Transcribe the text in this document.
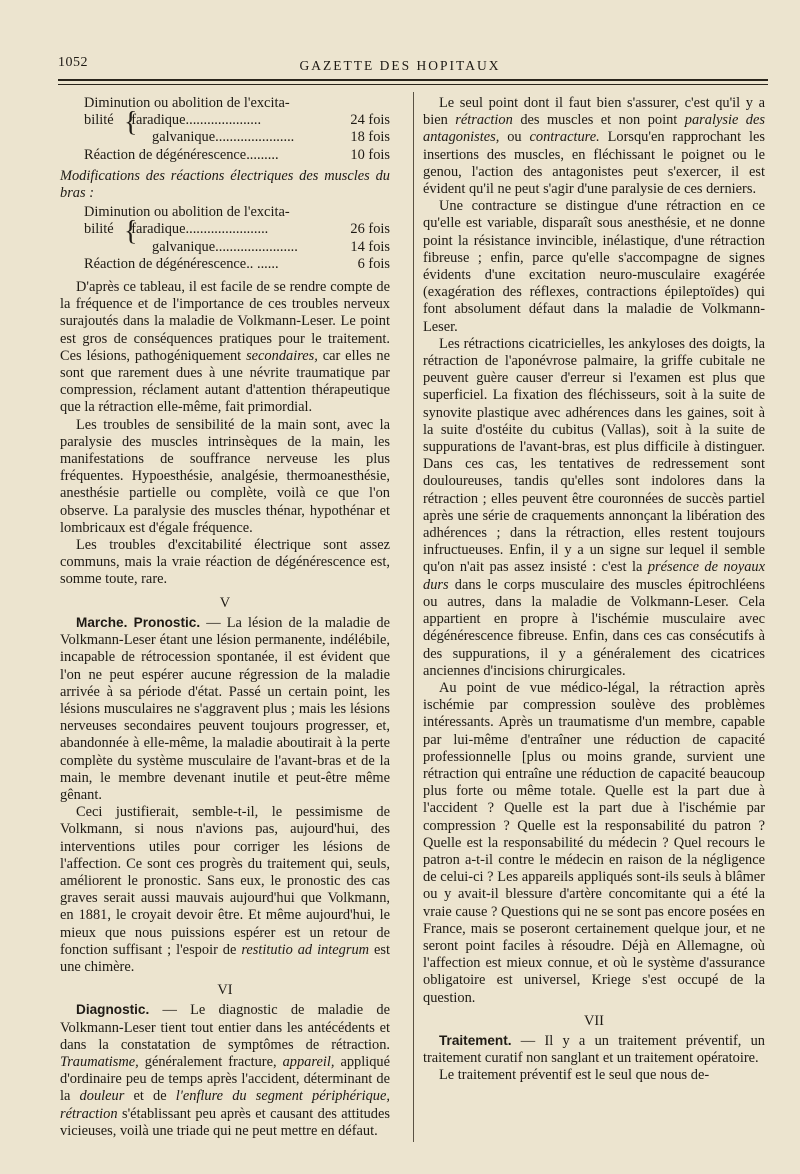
1052	GAZETTE DES HOPITAUX
Diminution ou abolition de l'excita-
bilité {
faradique.....................	24 fois
galvanique......................	18 fois
Réaction de dégénérescence.........	10 fois

Modifications des réactions électriques des muscles du bras :

Diminution ou abolition de l'excita-
bilité {
faradique.......................	26 fois
galvanique.......................	14 fois
Réaction de dégénérescence.. ......	6 fois

D'après ce tableau, il est facile de se rendre compte de la fréquence et de l'importance de ces troubles nerveux surajoutés dans la maladie de Volkmann-Leser. Le point est gros de conséquences pratiques pour le traitement. Ces lésions, pathogéniquement secondaires, car elles ne sont que rarement dues à une névrite traumatique par compression, réclament autant d'attention thérapeutique que la rétraction elle-même, fait primordial.

Les troubles de sensibilité de la main sont, avec la paralysie des muscles intrinsèques de la main, les manifestations de souffrance nerveuse les plus fréquentes. Hypoesthésie, analgésie, thermoanesthésie, anesthésie partielle ou complète, voilà ce que l'on observe. La paralysie des muscles thénar, hypothénar et lombricaux est d'égale fréquence.

Les troubles d'excitabilité électrique sont assez communs, mais la vraie réaction de dégénérescence est, somme toute, rare.

V

Marche. Pronostic. — La lésion de la maladie de Volkmann-Leser étant une lésion permanente, indélébile, incapable de rétrocession spontanée, il est évident que l'on ne peut espérer aucune régression de la maladie arrivée à sa période d'état. Passé un certain point, les lésions musculaires ne s'aggravent plus ; mais les lésions nerveuses secondaires peuvent toujours progresser, et, abandonnée à elle-même, la maladie aboutirait à la perte complète du système musculaire de l'avant-bras et de la main, le membre devenant inutile et peut-être même gênant.

Ceci justifierait, semble-t-il, le pessimisme de Volkmann, si nous n'avions pas, aujourd'hui, des interventions utiles pour corriger les lésions de l'affection. Ce sont ces progrès du traitement qui, seuls, améliorent le pronostic. Sans eux, le pronostic des cas graves serait aussi mauvais aujourd'hui que Volkmann, en 1881, le croyait devoir être. Et même aujourd'hui, le mieux que nous puissions espérer est un retour de fonction suffisant ; l'espoir de restitutio ad integrum est une chimère.

VI

Diagnostic. — Le diagnostic de maladie de Volkmann-Leser tient tout entier dans les antécédents et dans la constatation de symptômes de rétraction. Traumatisme, généralement fracture, appareil, appliqué d'ordinaire peu de temps après l'accident, déterminant de la douleur et de l'enflure du segment périphérique, rétraction s'établissant peu après et causant des attitudes vicieuses, voilà une triade qui ne peut mettre en défaut.

Le seul point dont il faut bien s'assurer, c'est qu'il y a bien rétraction des muscles et non point paralysie des antagonistes, ou contracture. Lorsqu'en rapprochant les insertions des muscles, en fléchissant le poignet ou le genou, l'action des antagonistes peut s'exercer, il est évident qu'il ne peut s'agir d'une paralysie de ces derniers.

Une contracture se distingue d'une rétraction en ce qu'elle est variable, disparaît sous anesthésie, et ne donne point la résistance invincible, inélastique, d'une rétraction fibreuse ; enfin, parce qu'elle s'accompagne de signes évidents d'une excitation neuro-musculaire exagérée (exagération des réflexes, contractions épileptoïdes) qui font absolument défaut dans la maladie de Volkmann-Leser.

Les rétractions cicatricielles, les ankyloses des doigts, la rétraction de l'aponévrose palmaire, la griffe cubitale ne peuvent guère causer d'erreur si l'examen est plus que superficiel. La fixation des fléchisseurs, soit à la suite de synovite plastique avec adhérences dans les gaines, soit à la suite d'ostéite du cubitus (Vallas), soit à la suite de suppurations de l'avant-bras, est plus difficile à distinguer. Dans ces cas, les tentatives de redressement sont douloureuses, tandis qu'elles sont indolores dans la rétraction ; elles peuvent être couronnées de succès partiel après une série de craquements annonçant la libération des adhérences ; dans la rétraction, elles restent toujours infructueuses. Enfin, il y a un signe sur lequel il semble qu'on n'ait pas assez insisté : c'est la présence de noyaux durs dans le corps musculaire des muscles épitrochléens ou autres, dans la maladie de Volkmann-Leser. Cela appartient en propre à l'ischémie musculaire avec dégénérescence fibreuse. Enfin, dans ces cas consécutifs à des suppurations, il y a généralement des cicatrices anciennes d'incisions chirurgicales.

Au point de vue médico-légal, la rétraction après ischémie par compression soulève des problèmes intéressants. Après un traumatisme d'un membre, capable par lui-même d'entraîner une réduction de capacité professionnelle [plus ou moins grande, survient une rétraction qui entraîne une réduction de capacité beaucoup plus forte ou même totale. Quelle est la part due à l'accident ? Quelle est la part due à l'ischémie par compression ? Quelle est la responsabilité du patron ? Quelle est la responsabilité du médecin ? Quel recours le patron a-t-il contre le médecin en raison de la négligence de celui-ci ? Les appareils appliqués sont-ils seuls à blâmer ou y avait-il blessure d'artère concomitante qui a été la vraie cause ? Questions qui ne se sont pas encore posées en France, mais se poseront certainement quelque jour, et ne seront point faciles à résoudre. Déjà en Allemagne, où l'affection est mieux connue, et où le système d'assurance obligatoire est universel, Kriege s'est occupé de la question.

VII

Traitement. — Il y a un traitement préventif, un traitement curatif non sanglant et un traitement opératoire.

Le traitement préventif est le seul que nous de-
